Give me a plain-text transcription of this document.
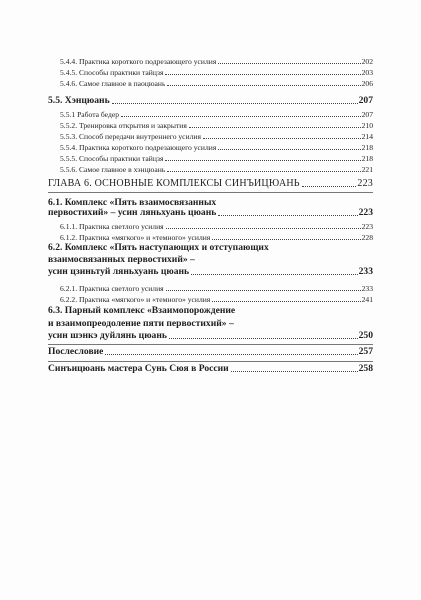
5.4.4. Практика короткого подрезающего усилия	202
5.4.5. Способы практики тайцзя	203
5.4.6. Самое главное в паоцюань	206
5.5. Хэнцюань	207
5.5.1 Работа бедер	207
5.5.2. Тренировка открытия и закрытия	210
5.5.3. Способ передачи внутреннего усилия	214
5.5.4. Практика короткого подрезающего усилия	218
5.5.5. Способы практики тайцзя	218
5.5.6. Самое главное в хэнцюань	221
ГЛАВА 6. ОСНОВНЫЕ КОМПЛЕКСЫ СИНЪИЦЮАНЬ	223
6.1. Комплекс «Пять взаимосвязанных
первостихий» – усин ляньхуань цюань	223
6.1.1. Практика светлого усилия	223
6.1.2. Практика «мягкого» и «темного» усилия	228
6.2. Комплекс «Пять наступающих и отступающих
взаимосвязанных первостихий» –
усин цзиньтуй ляньхуань цюань	233
6.2.1. Практика светлого усилия	233
6.2.2. Практика «мягкого» и «темного» усилия	241
6.3. Парный комплекс «Взаимопорождение
и взаимопреодоление пяти первостихий» –
усин шэнкэ дуйлянь цюань	250
Послесловие	257
Синъицюань мастера Сунь Сюя в России	258
